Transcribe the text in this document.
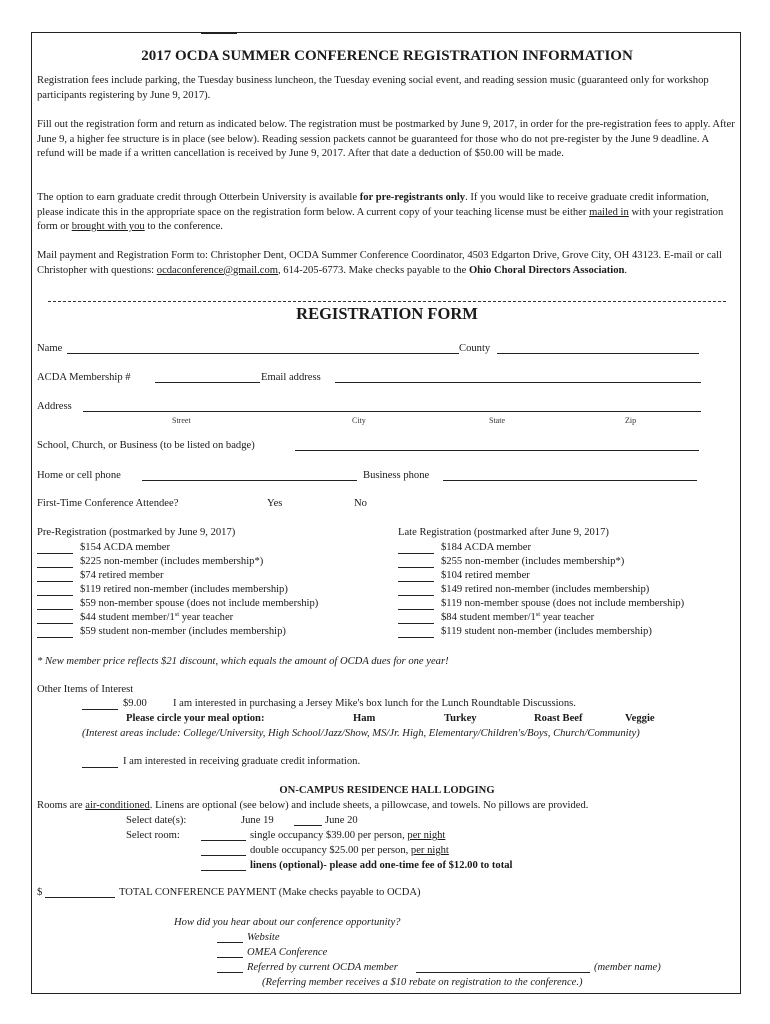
2017 OCDA SUMMER CONFERENCE REGISTRATION INFORMATION
Registration fees include parking, the Tuesday business luncheon, the Tuesday evening social event, and reading session music (guaranteed only for workshop participants registering by June 9, 2017).
Fill out the registration form and return as indicated below. The registration must be postmarked by June 9, 2017, in order for the pre-registration fees to apply. After June 9, a higher fee structure is in place (see below). Reading session packets cannot be guaranteed for those who do not pre-register by the June 9 deadline. A refund will be made if a written cancellation is received by June 9, 2017. After that date a deduction of $50.00 will be made.
The option to earn graduate credit through Otterbein University is available for pre-registrants only. If you would like to receive graduate credit information, please indicate this in the appropriate space on the registration form below. A current copy of your teaching license must be either mailed in with your registration form or brought with you to the conference.
Mail payment and Registration Form to: Christopher Dent, OCDA Summer Conference Coordinator, 4503 Edgarton Drive, Grove City, OH 43123. E-mail or call Christopher with questions: ocdaconference@gmail.com, 614-205-6773. Make checks payable to the Ohio Choral Directors Association.
REGISTRATION FORM
Name	County
ACDA Membership #	Email address
Address
Street	City	State	Zip
School, Church, or Business (to be listed on badge)
Home or cell phone	Business phone
First-Time Conference Attendee?	Yes	No
Pre-Registration (postmarked by June 9, 2017)
$154 ACDA member
$225 non-member (includes membership*)
$74 retired member
$119 retired non-member (includes membership)
$59 non-member spouse (does not include membership)
$44 student member/1st year teacher
$59 student non-member (includes membership)
Late Registration (postmarked after June 9, 2017)
$184 ACDA member
$255 non-member (includes membership*)
$104 retired member
$149 retired non-member (includes membership)
$119 non-member spouse (does not include membership)
$84 student member/1st year teacher
$119 student non-member (includes membership)
* New member price reflects $21 discount, which equals the amount of OCDA dues for one year!
Other Items of Interest
$9.00 I am interested in purchasing a Jersey Mike's box lunch for the Lunch Roundtable Discussions.
Please circle your meal option:	Ham	Turkey	Roast Beef	Veggie
(Interest areas include: College/University, High School/Jazz/Show, MS/Jr. High, Elementary/Children's/Boys, Church/Community)
I am interested in receiving graduate credit information.
ON-CAMPUS RESIDENCE HALL LODGING
Rooms are air-conditioned. Linens are optional (see below) and include sheets, a pillowcase, and towels. No pillows are provided.
Select date(s):	June 19	June 20
Select room:	single occupancy $39.00 per person, per night
double occupancy $25.00 per person, per night
linens (optional)- please add one-time fee of $12.00 to total
$	TOTAL CONFERENCE PAYMENT (Make checks payable to OCDA)
How did you hear about our conference opportunity?
Website
OMEA Conference
Referred by current OCDA member	(member name)
(Referring member receives a $10 rebate on registration to the conference.)
